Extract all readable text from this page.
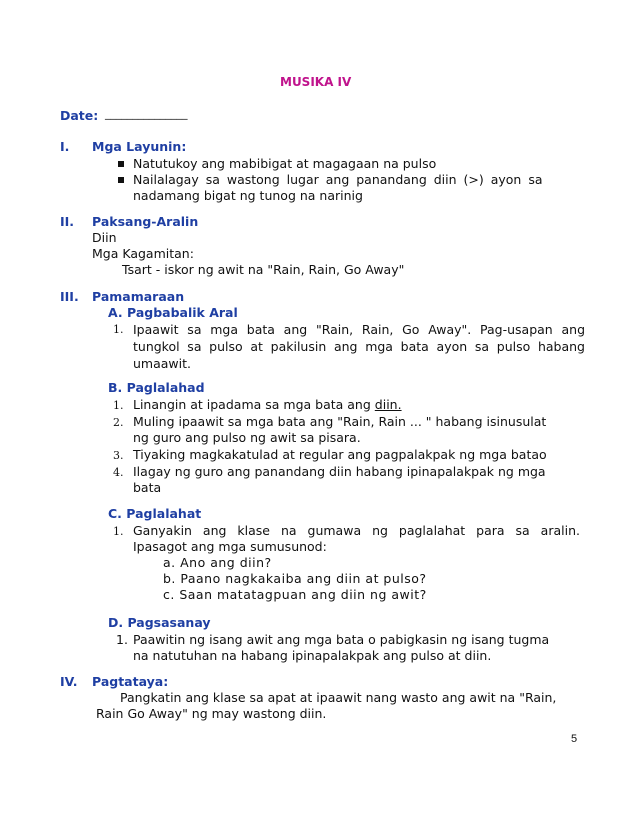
MUSIKA IV
Date: _______________
I. Mga Layunin:
Natutukoy ang mabibigat at magagaan na pulso
Nailalagay sa wastong lugar ang panandang diin (>) ayon sa
nadamang bigat ng tunog na narinig
II. Paksang-Aralin
Diin
Mga Kagamitan:
Tsart - iskor ng awit na "Rain, Rain, Go Away"
III. Pamamaraan
A. Pagbabalik Aral
1. Ipaawit sa mga bata ang "Rain, Rain, Go Away". Pag-usapan ang tungkol sa pulso at pakilusin ang mga bata ayon sa pulso habang umaawit.
B. Paglalahad
1. Linangin at ipadama sa mga bata ang diin.
2. Muling ipaawit sa mga bata ang "Rain, Rain ... " habang isinusulat
ng guro ang pulso ng awit sa pisara.
3. Tiyaking magkakatulad at regular ang pagpalakpak ng mga batao
4. Ilagay ng guro ang panandang diin habang ipinapalakpak ng mga
bata
C. Paglalahat
1. Ganyakin ang klase na gumawa ng paglalahat para sa aralin.
Ipasagot ang mga sumusunod:
a. Ano ang diin?
b. Paano nagkakaiba ang diin at pulso?
c. Saan matatagpuan ang diin ng awit?
D. Pagsasanay
1. Paawitin ng isang awit ang mga bata o pabigkasin ng isang tugma
na natutuhan na habang ipinapalakpak ang pulso at diin.
IV. Pagtataya:
Pangkatin ang klase sa apat at ipaawit nang wasto ang awit na "Rain,
Rain Go Away" ng may wastong diin.
5
